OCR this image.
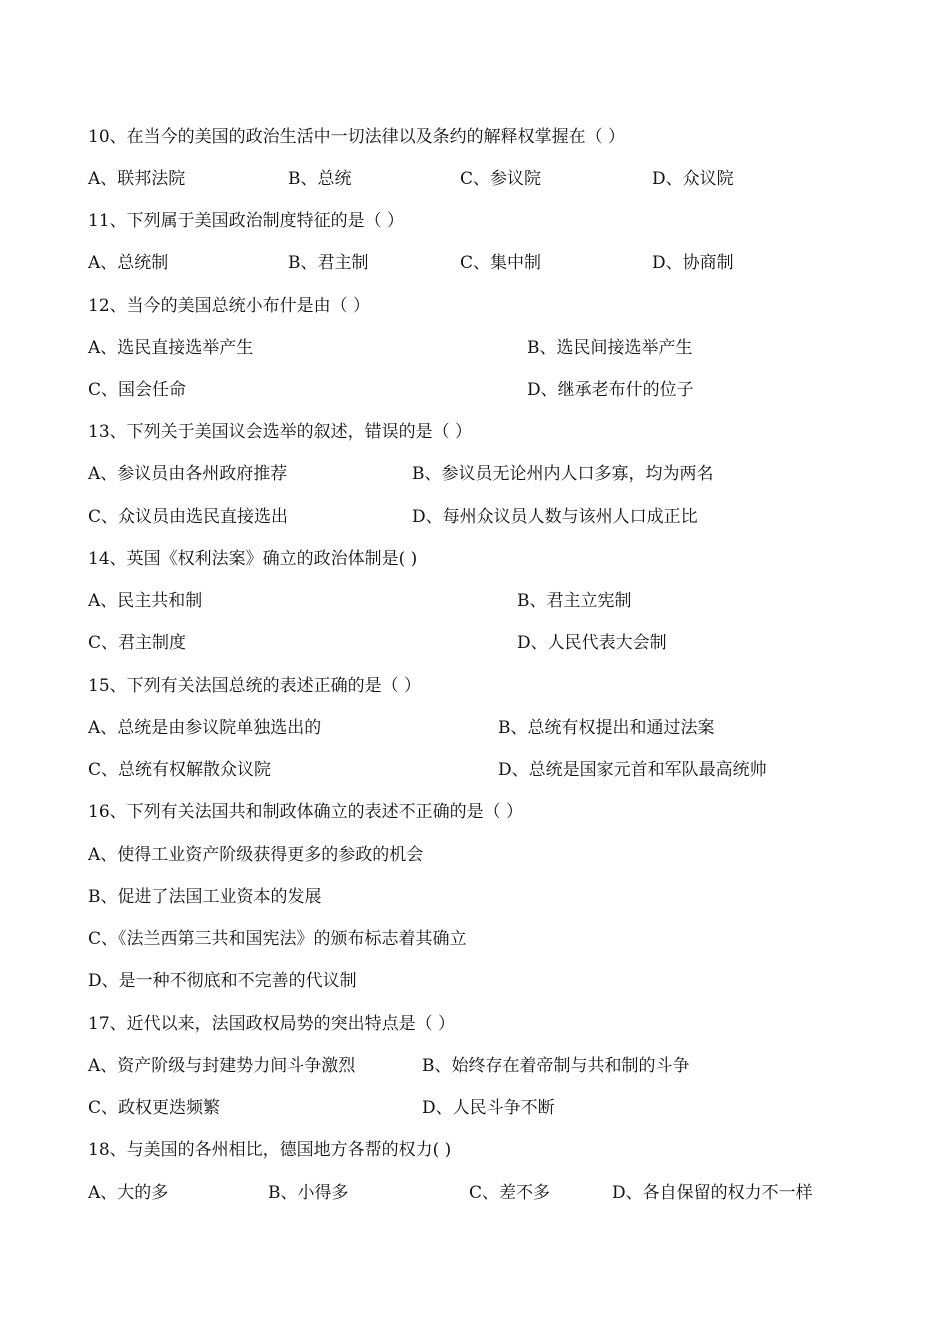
10、在当今的美国的政治生活中一切法律以及条约的解释权掌握在（ ）
A、联邦法院	B、总统	C、参议院	D、众议院
11、下列属于美国政治制度特征的是（ ）
A、总统制	B、君主制	C、集中制	D、协商制
12、当今的美国总统小布什是由（ ）
A、选民直接选举产生	B、选民间接选举产生
C、国会任命	D、继承老布什的位子
13、下列关于美国议会选举的叙述，错误的是（ ）
A、参议员由各州政府推荐	B、参议员无论州内人口多寡，均为两名
C、众议员由选民直接选出	D、每州众议员人数与该州人口成正比
14、英国《权利法案》确立的政治体制是( )
A、民主共和制	B、君主立宪制
C、君主制度	D、人民代表大会制
15、下列有关法国总统的表述正确的是（ ）
A、总统是由参议院单独选出的	B、总统有权提出和通过法案
C、总统有权解散众议院	D、总统是国家元首和军队最高统帅
16、下列有关法国共和制政体确立的表述不正确的是（ ）
A、使得工业资产阶级获得更多的参政的机会
B、促进了法国工业资本的发展
C、《法兰西第三共和国宪法》的颁布标志着其确立
D、是一种不彻底和不完善的代议制
17、近代以来，法国政权局势的突出特点是（ ）
A、资产阶级与封建势力间斗争激烈	B、始终存在着帝制与共和制的斗争
C、政权更迭频繁	D、人民斗争不断
18、与美国的各州相比，德国地方各帮的权力( )
A、大的多	B、小得多	C、差不多	D、各自保留的权力不一样
